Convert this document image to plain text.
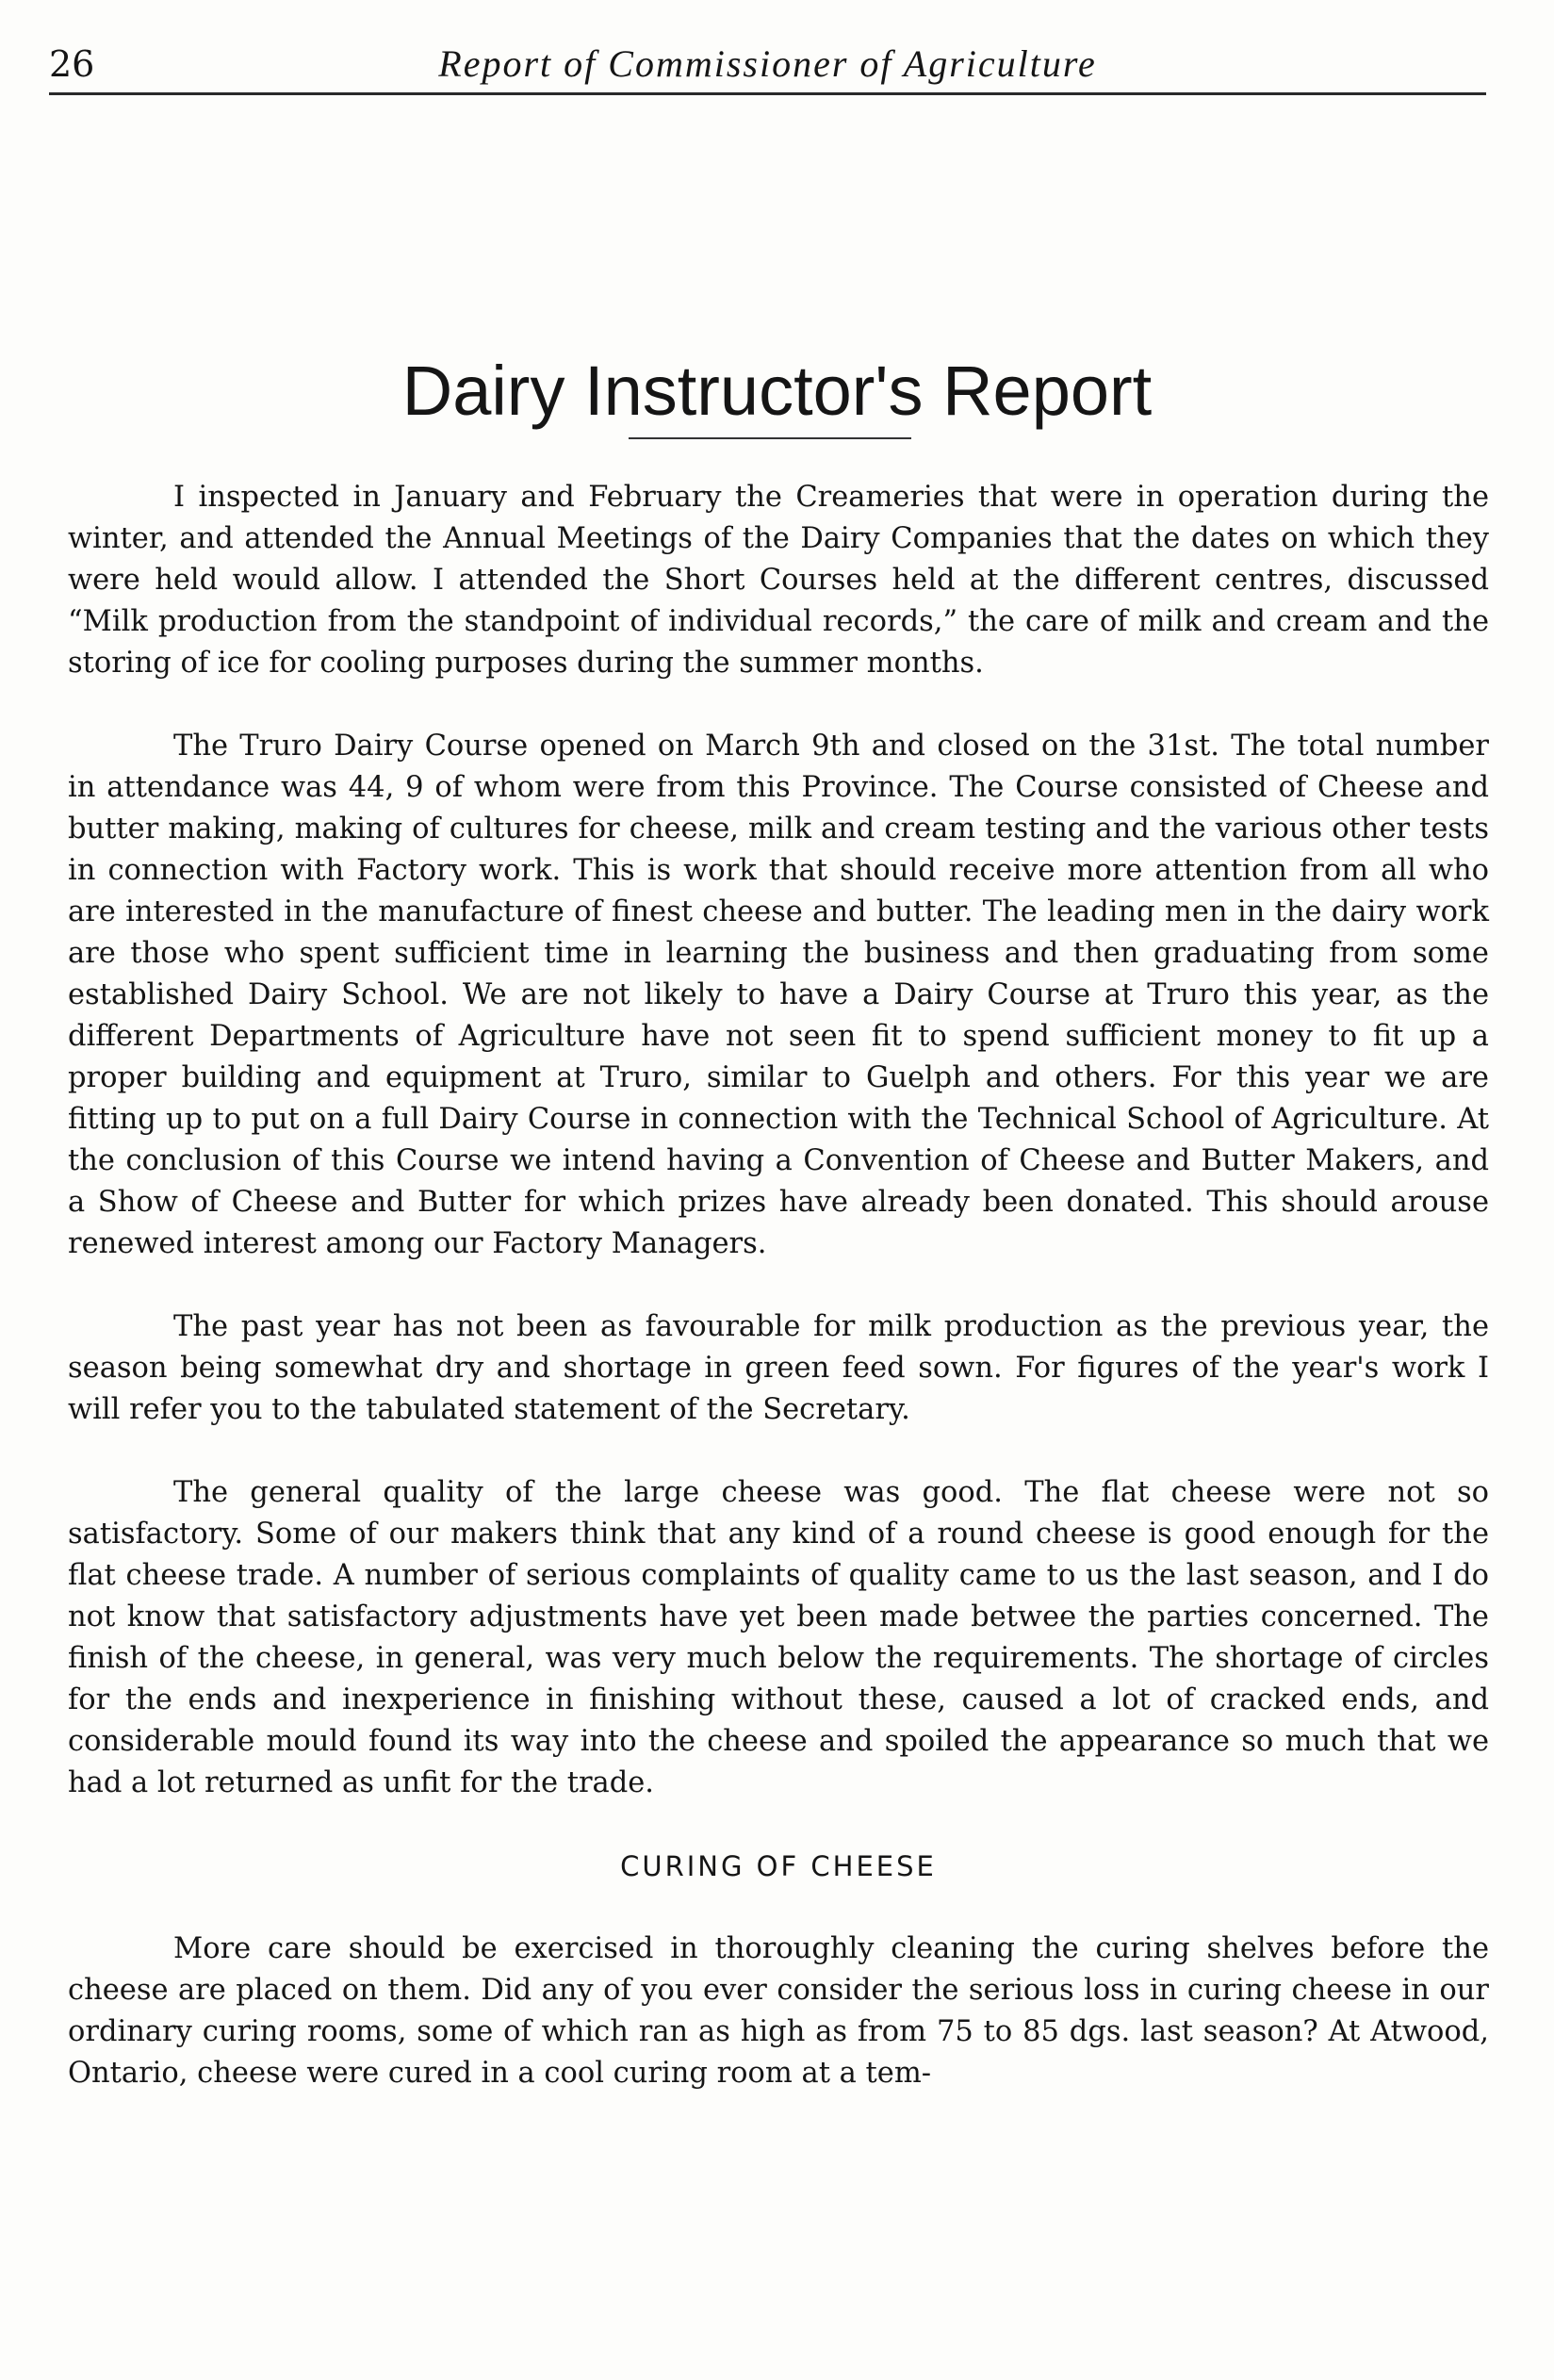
26	Report of Commissioner of Agriculture
Dairy Instructor's Report

I inspected in January and February the Creameries that were in operation during the winter, and attended the Annual Meetings of the Dairy Companies that the dates on which they were held would allow. I attended the Short Courses held at the different centres, discussed “Milk production from the standpoint of individual records,” the care of milk and cream and the storing of ice for cooling purposes during the summer months.

The Truro Dairy Course opened on March 9th and closed on the 31st. The total number in attendance was 44, 9 of whom were from this Province. The Course consisted of Cheese and butter making, making of cultures for cheese, milk and cream testing and the various other tests in connection with Factory work. This is work that should receive more attention from all who are interested in the manufacture of finest cheese and butter. The leading men in the dairy work are those who spent sufficient time in learning the business and then graduating from some established Dairy School. We are not likely to have a Dairy Course at Truro this year, as the different Departments of Agriculture have not seen fit to spend sufficient money to fit up a proper building and equipment at Truro, similar to Guelph and others. For this year we are fitting up to put on a full Dairy Course in connection with the Technical School of Agriculture. At the conclusion of this Course we intend having a Convention of Cheese and Butter Makers, and a Show of Cheese and Butter for which prizes have already been donated. This should arouse renewed interest among our Factory Managers.

The past year has not been as favourable for milk production as the previous year, the season being somewhat dry and shortage in green feed sown. For figures of the year's work I will refer you to the tabulated statement of the Secretary.

The general quality of the large cheese was good. The flat cheese were not so satisfactory. Some of our makers think that any kind of a round cheese is good enough for the flat cheese trade. A number of serious complaints of quality came to us the last season, and I do not know that satisfactory adjustments have yet been made betwee the parties concerned. The finish of the cheese, in general, was very much below the requirements. The shortage of circles for the ends and inexperience in finishing without these, caused a lot of cracked ends, and considerable mould found its way into the cheese and spoiled the appearance so much that we had a lot returned as unfit for the trade.

CURING OF CHEESE

More care should be exercised in thoroughly cleaning the curing shelves before the cheese are placed on them. Did any of you ever consider the serious loss in curing cheese in our ordinary curing rooms, some of which ran as high as from 75 to 85 dgs. last season? At Atwood, Ontario, cheese were cured in a cool curing room at a tem-
